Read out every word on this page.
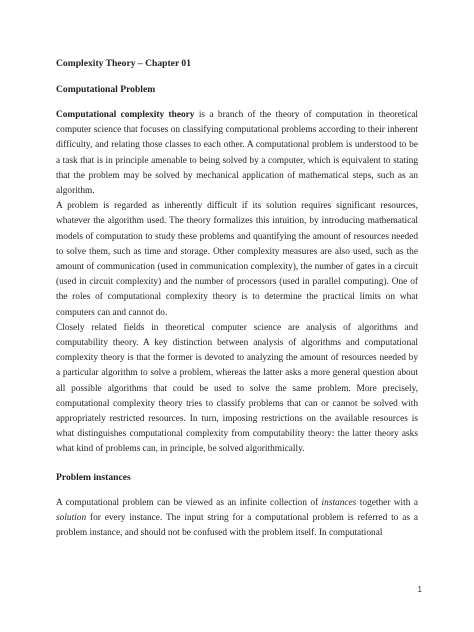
Complexity Theory – Chapter 01

Computational Problem

Computational complexity theory is a branch of the theory of computation in theoretical computer science that focuses on classifying computational problems according to their inherent difficulty, and relating those classes to each other. A computational problem is understood to be a task that is in principle amenable to being solved by a computer, which is equivalent to stating that the problem may be solved by mechanical application of mathematical steps, such as an algorithm.

A problem is regarded as inherently difficult if its solution requires significant resources, whatever the algorithm used. The theory formalizes this intuition, by introducing mathematical models of computation to study these problems and quantifying the amount of resources needed to solve them, such as time and storage. Other complexity measures are also used, such as the amount of communication (used in communication complexity), the number of gates in a circuit (used in circuit complexity) and the number of processors (used in parallel computing). One of the roles of computational complexity theory is to determine the practical limits on what computers can and cannot do.

Closely related fields in theoretical computer science are analysis of algorithms and computability theory. A key distinction between analysis of algorithms and computational complexity theory is that the former is devoted to analyzing the amount of resources needed by a particular algorithm to solve a problem, whereas the latter asks a more general question about all possible algorithms that could be used to solve the same problem. More precisely, computational complexity theory tries to classify problems that can or cannot be solved with appropriately restricted resources. In turn, imposing restrictions on the available resources is what distinguishes computational complexity from computability theory: the latter theory asks what kind of problems can, in principle, be solved algorithmically.

Problem instances

A computational problem can be viewed as an infinite collection of instances together with a solution for every instance. The input string for a computational problem is referred to as a problem instance, and should not be confused with the problem itself. In computational

1
